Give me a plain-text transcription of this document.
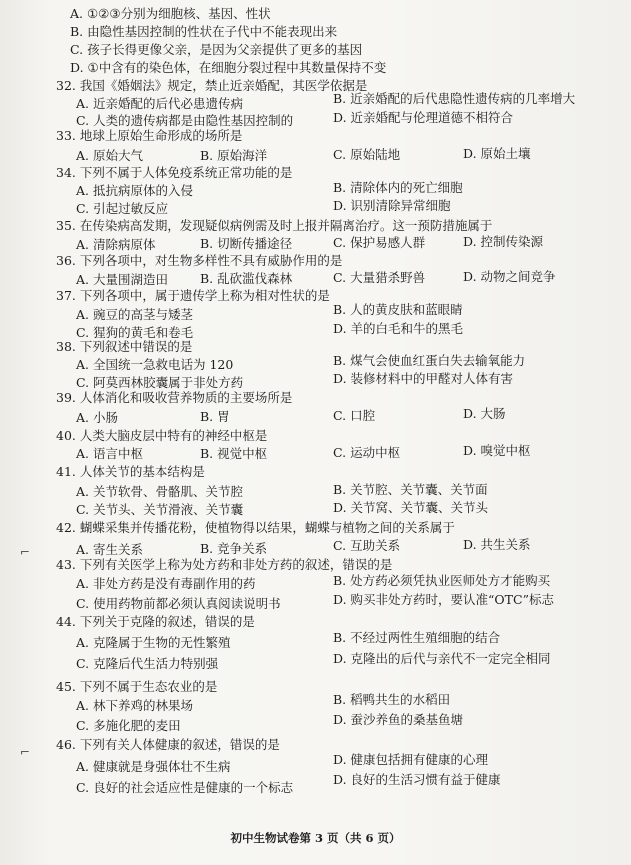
A. ①②③分别为细胞核、基因、性状
B. 由隐性基因控制的性状在子代中不能表现出来
C. 孩子长得更像父亲，是因为父亲提供了更多的基因
D. ①中含有的染色体，在细胞分裂过程中其数量保持不变
32. 我国《婚姻法》规定，禁止近亲婚配，其医学依据是
A. 近亲婚配的后代必患遗传病	B. 近亲婚配的后代患隐性遗传病的几率增大
C. 人类的遗传病都是由隐性基因控制的	D. 近亲婚配与伦理道德不相符合
33. 地球上原始生命形成的场所是
A. 原始大气	B. 原始海洋	C. 原始陆地	D. 原始土壤
34. 下列不属于人体免疫系统正常功能的是
A. 抵抗病原体的入侵	B. 清除体内的死亡细胞
C. 引起过敏反应	D. 识别清除异常细胞
35. 在传染病高发期，发现疑似病例需及时上报并隔离治疗。这一预防措施属于
A. 清除病原体	B. 切断传播途径	C. 保护易感人群	D. 控制传染源
36. 下列各项中，对生物多样性不具有威胁作用的是
A. 大量围湖造田	B. 乱砍滥伐森林	C. 大量猎杀野兽	D. 动物之间竞争
37. 下列各项中，属于遗传学上称为相对性状的是
A. 豌豆的高茎与矮茎	B. 人的黄皮肤和蓝眼睛
C. 猩狗的黄毛和卷毛	D. 羊的白毛和牛的黑毛
38. 下列叙述中错误的是
A. 全国统一急救电话为 120	B. 煤气会使血红蛋白失去输氧能力
C. 阿莫西林胶囊属于非处方药	D. 装修材料中的甲醛对人体有害
39. 人体消化和吸收营养物质的主要场所是
A. 小肠	B. 胃	C. 口腔	D. 大肠
40. 人类大脑皮层中特有的神经中枢是
A. 语言中枢	B. 视觉中枢	C. 运动中枢	D. 嗅觉中枢
41. 人体关节的基本结构是
A. 关节软骨、骨骼肌、关节腔	B. 关节腔、关节囊、关节面
C. 关节头、关节滑液、关节囊	D. 关节窝、关节囊、关节头
42. 蝴蝶采集并传播花粉，使植物得以结果，蝴蝶与植物之间的关系属于
A. 寄生关系	B. 竞争关系	C. 互助关系	D. 共生关系
43. 下列有关医学上称为处方药和非处方药的叙述，错误的是
A. 非处方药是没有毒副作用的药	B. 处方药必须凭执业医师处方才能购买
C. 使用药物前都必须认真阅读说明书	D. 购买非处方药时，要认准“OTC”标志
44. 下列关于克隆的叙述，错误的是
A. 克隆属于生物的无性繁殖	B. 不经过两性生殖细胞的结合
C. 克隆后代生活力特别强	D. 克隆出的后代与亲代不一定完全相同
45. 下列不属于生态农业的是
A. 林下养鸡的林果场	B. 稻鸭共生的水稻田
C. 多施化肥的麦田	D. 蚕沙养鱼的桑基鱼塘
46. 下列有关人体健康的叙述，错误的是
A. 健康就是身强体壮不生病	D. 健康包括拥有健康的心理
C. 良好的社会适应性是健康的一个标志
D. 良好的生活习惯有益于健康
⌐
⌐
初中生物试卷第 3 页（共 6 页）
